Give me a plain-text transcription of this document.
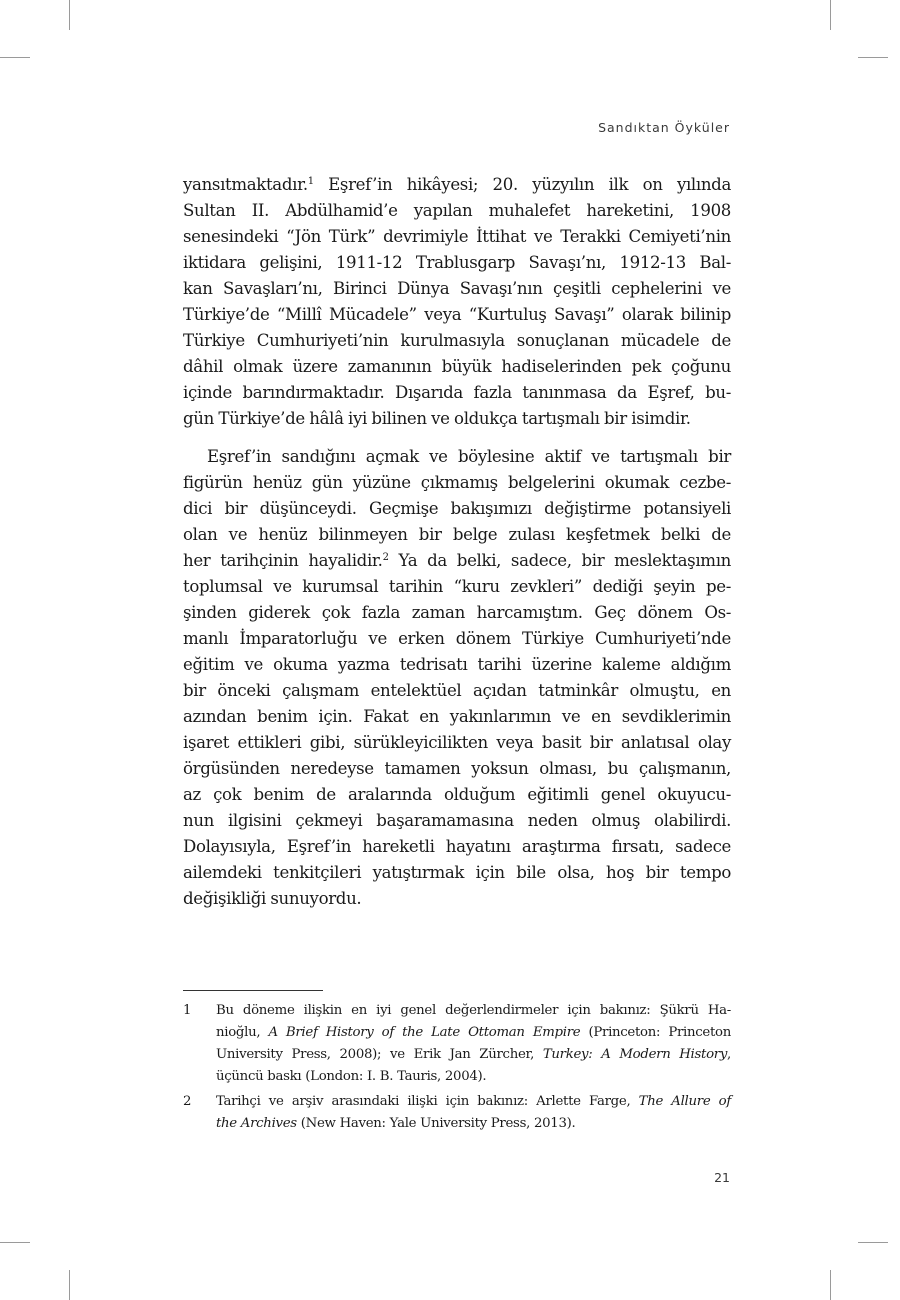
Sandıktan Öyküler
yansıtmaktadır.$^1$ Eşref’in hikâyesi; 20. yüzyılın ilk on yılında
Sultan II. Abdülhamid’e yapılan muhalefet hareketini, 1908
senesindeki “Jön Türk” devrimiyle İttihat ve Terakki Cemiyeti’nin
iktidara gelişini, 1911-12 Trablusgarp Savaşı’nı, 1912-13 Bal-
kan Savaşları’nı, Birinci Dünya Savaşı’nın çeşitli cephelerini ve
Türkiye’de “Millî Mücadele” veya “Kurtuluş Savaşı” olarak bilinip
Türkiye Cumhuriyeti’nin kurulmasıyla sonuçlanan mücadele de
dâhil olmak üzere zamanının büyük hadiselerinden pek çoğunu
içinde barındırmaktadır. Dışarıda fazla tanınmasa da Eşref, bu-
gün Türkiye’de hâlâ iyi bilinen ve oldukça tartışmalı bir isimdir.
Eşref’in sandığını açmak ve böylesine aktif ve tartışmalı bir
figürün henüz gün yüzüne çıkmamış belgelerini okumak cezbe-
dici bir düşünceydi. Geçmişe bakışımızı değiştirme potansiyeli
olan ve henüz bilinmeyen bir belge zulası keşfetmek belki de
her tarihçinin hayalidir.$^2$ Ya da belki, sadece, bir meslektaşımın
toplumsal ve kurumsal tarihin “kuru zevkleri” dediği şeyin pe-
şinden giderek çok fazla zaman harcamıştım. Geç dönem Os-
manlı İmparatorluğu ve erken dönem Türkiye Cumhuriyeti’nde
eğitim ve okuma yazma tedrisatı tarihi üzerine kaleme aldığım
bir önceki çalışmam entelektüel açıdan tatminkâr olmuştu, en
azından benim için. Fakat en yakınlarımın ve en sevdiklerimin
işaret ettikleri gibi, sürükleyicilikten veya basit bir anlatısal olay
örgüsünden neredeyse tamamen yoksun olması, bu çalışmanın,
az çok benim de aralarında olduğum eğitimli genel okuyucu-
nun ilgisini çekmeyi başaramamasına neden olmuş olabilirdi.
Dolayısıyla, Eşref’in hareketli hayatını araştırma fırsatı, sadece
ailemdeki tenkitçileri yatıştırmak için bile olsa, hoş bir tempo
değişikliği sunuyordu.
1	Bu döneme ilişkin en iyi genel değerlendirmeler için bakınız: Şükrü Ha-
nioğlu, A Brief History of the Late Ottoman Empire (Princeton: Princeton
University Press, 2008); ve Erik Jan Zürcher, Turkey: A Modern History,
üçüncü baskı (London: I. B. Tauris, 2004).
2	Tarihçi ve arşiv arasındaki ilişki için bakınız: Arlette Farge, The Allure of
the Archives (New Haven: Yale University Press, 2013).
21
